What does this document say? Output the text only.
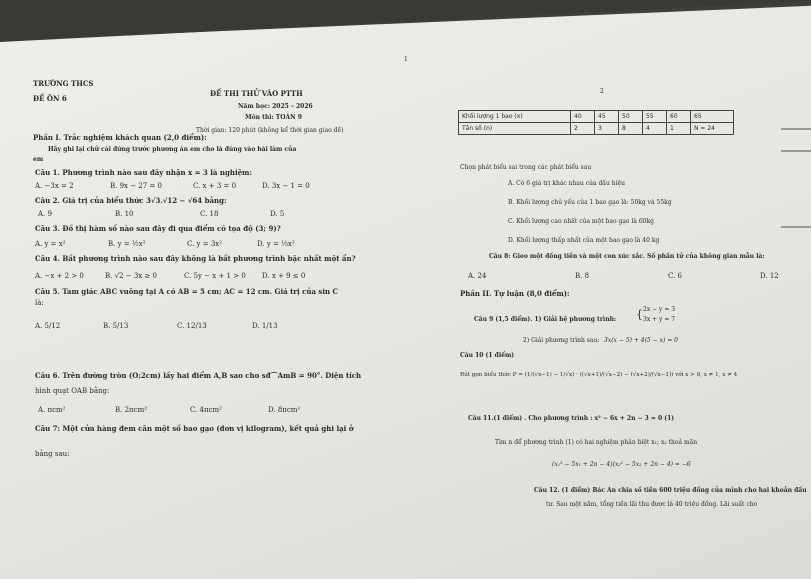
1
2
TRƯỜNG THCS
ĐỀ ÔN 6
ĐỀ THI THỬ VÀO PTTH
Năm học: 2025 – 2026
Môn thi: TOÁN 9
Thời gian: 120 phút (không kể thời gian giao đề)
Phần I. Trắc nghiệm khách quan (2,0 điểm):
Hãy ghi lại chữ cái đứng trước phương án em cho là đúng vào bài làm của
em
Câu 1. Phương trình nào sau đây nhận x = 3 là nghiệm:
A. −3x = 2	B. 9x − 27 = 0	C. x + 3 = 0	D. 3x − 1 = 0
Câu 2. Giá trị của biểu thức 3√3.√12 − √64 bằng:
A. 9	B. 10	C. 18	D. 5
Câu 3. Đồ thị hàm số nào sau đây đi qua điểm có tọa độ (3; 9)?
A. y = x²	B. y = ½x²	C. y = 3x²	D. y = ⅓x²
Câu 4. Bất phương trình nào sau đây không là bất phương trình bậc nhất một ẩn?
A. −x + 2 > 0	B. √2 − 3x ≥ 0	C. 5y − x + 1 > 0 D. x + 9 ≤ 0
Câu 5. Tam giác ABC vuông tại A có AB = 5 cm; AC = 12 cm. Giá trị của sin C
là:
A. 5/12	B. 5/13	C. 12/13	D. 1/13
Câu 6. Trên đường tròn (O;2cm) lấy hai điểm A,B sao cho sđ⌒AmB = 90°. Diện tích
hình quạt OAB bằng:
A. πcm²	B. 2πcm²	C. 4πcm²	D. 8πcm²
Câu 7: Một cửa hàng đem cân một số bao gạo (đơn vị kilogram), kết quả ghi lại ở
bảng sau:
Khối lượng 1 bao (x)	40	45	50	55	60	65
Tần số (n)	2	3	8	4	1	N = 24
Chọn phát biểu sai trong các phát biểu sau
A. Có 6 giá trị khác nhau của dấu hiệu
B. Khối lượng chủ yếu của 1 bao gạo là: 50kg và 55kg
C. Khối lượng cao nhất của một bao gạo là 60kg
D. Khối lượng thấp nhất của một bao gạo là 40 kg
Câu 8: Gieo một đồng tiền và một con xúc xắc. Số phần tử của không gian mẫu là:
A. 24	B. 8	C. 6	D. 12
Phần II. Tự luận (8,0 điểm):
Câu 9 (1,5 điểm). 1) Giải hệ phương trình: { 2x − y = 3
3x + y = 7
2) Giải phương trình sau: 3x(x − 5) + 4(5 − x) = 0
Câu 10 (1 điểm)
Rút gọn biểu thức P = (1/(√x−1) − 1/√x) · ((√x+1)/(√x−2) − (√x+2)/(√x−1)) với x > 0, x ≠ 1, x ≠ 4
Câu 11.(1 điểm) . Cho phương trình : x² − 6x + 2n − 3 = 0 (1)
Tìm n để phương trình (1) có hai nghiệm phân biệt x₁; x₂ thoả mãn
(x₁² − 5x₁ + 2n − 4)(x₂² − 5x₂ + 2n − 4) = −6
Câu 12. (1 điểm) Bác An chia số tiền 600 triệu đồng của mình cho hai khoản đầu
tư. Sau một năm, tổng tiền lãi thu được là 40 triệu đồng. Lãi suất cho
